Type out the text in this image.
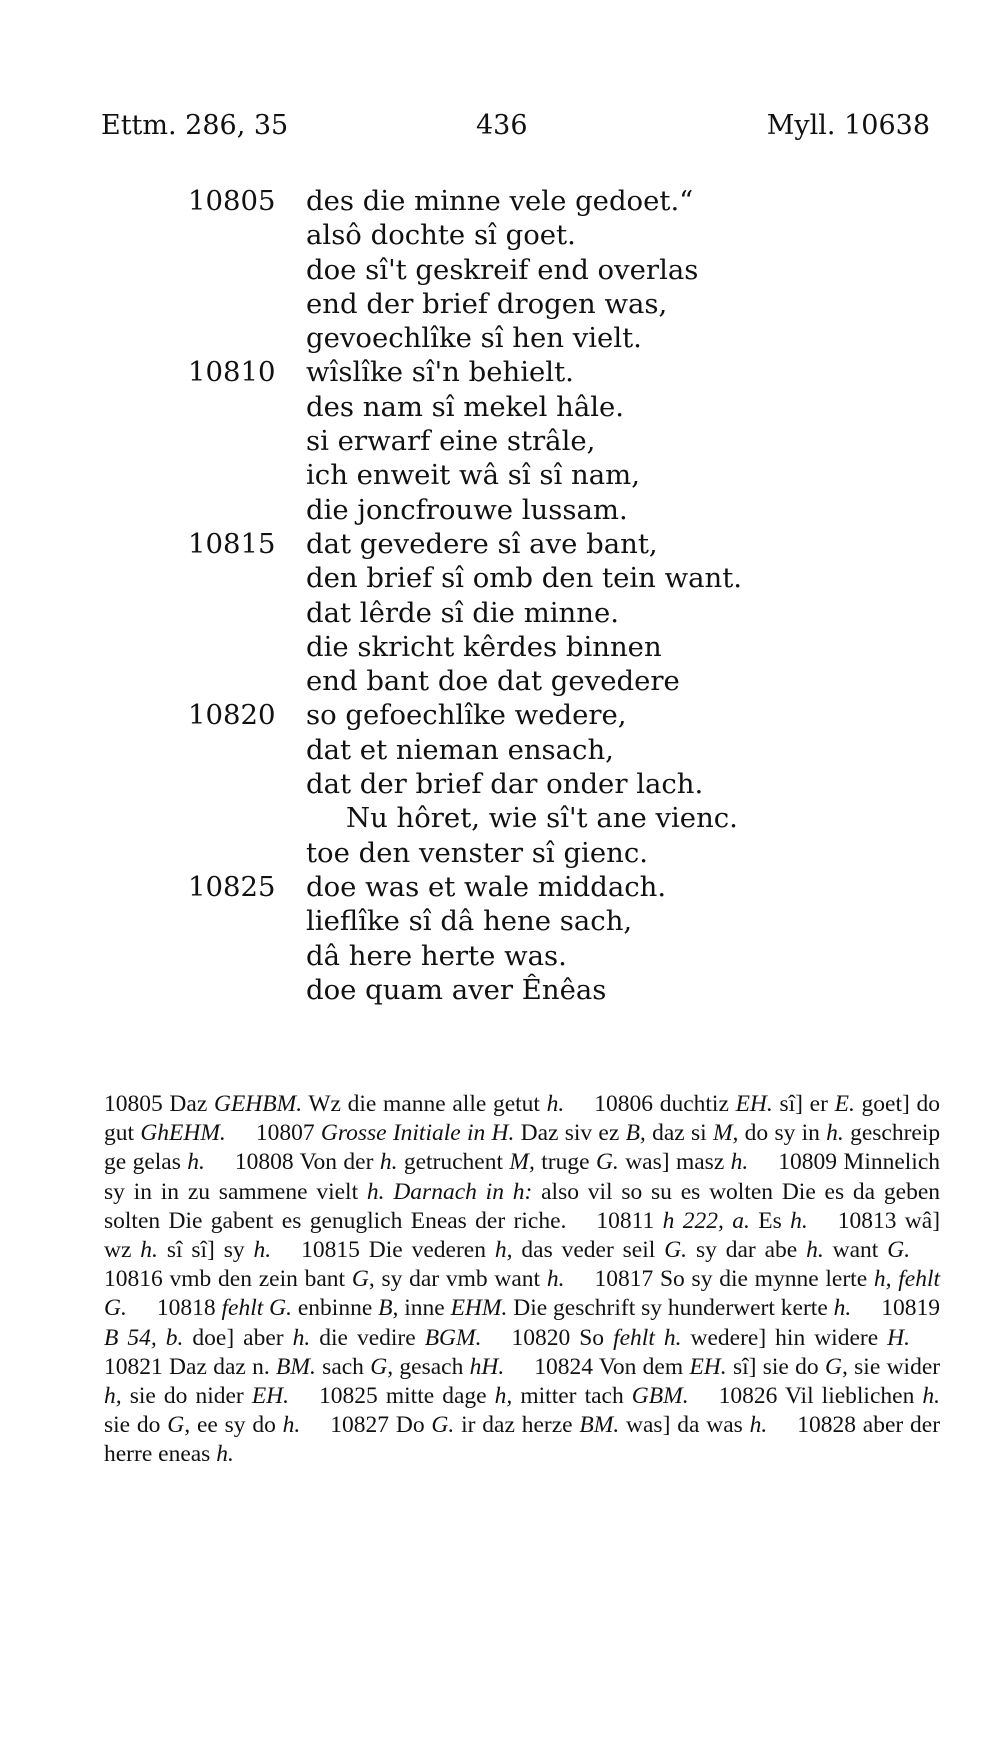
Ettm. 286, 35	436	Myll. 10638
10805 des die minne vele gedoet.“
alsô dochte sî goet.
doe sî't geskreif end overlas
end der brief drogen was,
gevoechlîke sî hen vielt.
10810 wîslîke sî'n behielt.
des nam sî mekel hâle.
si erwarf eine strâle,
ich enweit wâ sî sî nam,
die joncfrouwe lussam.
10815 dat gevedere sî ave bant,
den brief sî omb den tein want.
dat lêrde sî die minne.
die skricht kêrdes binnen
end bant doe dat gevedere
10820 so gefoechlîke wedere,
dat et nieman ensach,
dat der brief dar onder lach.
Nu hôret, wie sî't ane vienc.
toe den venster sî gienc.
10825 doe was et wale middach.
lieflîke sî dâ hene sach,
dâ here herte was.
doe quam aver Ênêas
10805 Daz GEHBM. Wz die manne alle getut h. 10806 duchtiz EH. sî] er E. goet] do gut GhEHM. 10807 Grosse Initiale in H. Daz siv ez B, daz si M, do sy in h. geschreip ge gelas h. 10808 Von der h. getruchent M, truge G. was] masz h. 10809 Minnelich sy in in zu sammene vielt h. Darnach in h: also vil so su es wolten Die es da geben solten Die gabent es genuglich Eneas der riche. 10811 h 222, a. Es h. 10813 wâ] wz h. sî sî] sy h. 10815 Die vederen h, das veder seil G. sy dar abe h. want G.10816 vmb den zein bant G, sy dar vmb want h. 10817 So sy die mynne lerte h, fehlt G. 10818 fehlt G. enbinne B, inne EHM. Die geschrift sy hunderwert kerte h. 10819 B 54, b. doe] aber h. die vedire BGM. 10820 So fehlt h. wedere] hin widere H.10821 Daz daz n. BM. sach G, gesach hH. 10824 Von dem EH. sî] sie do G, sie wider h, sie do nider EH. 10825 mitte dage h, mitter tach GBM. 10826 Vil lieblichen h. sie do G, ee sy do h. 10827 Do G. ir daz herze BM. was] da was h. 10828 aber der herre eneas h.
